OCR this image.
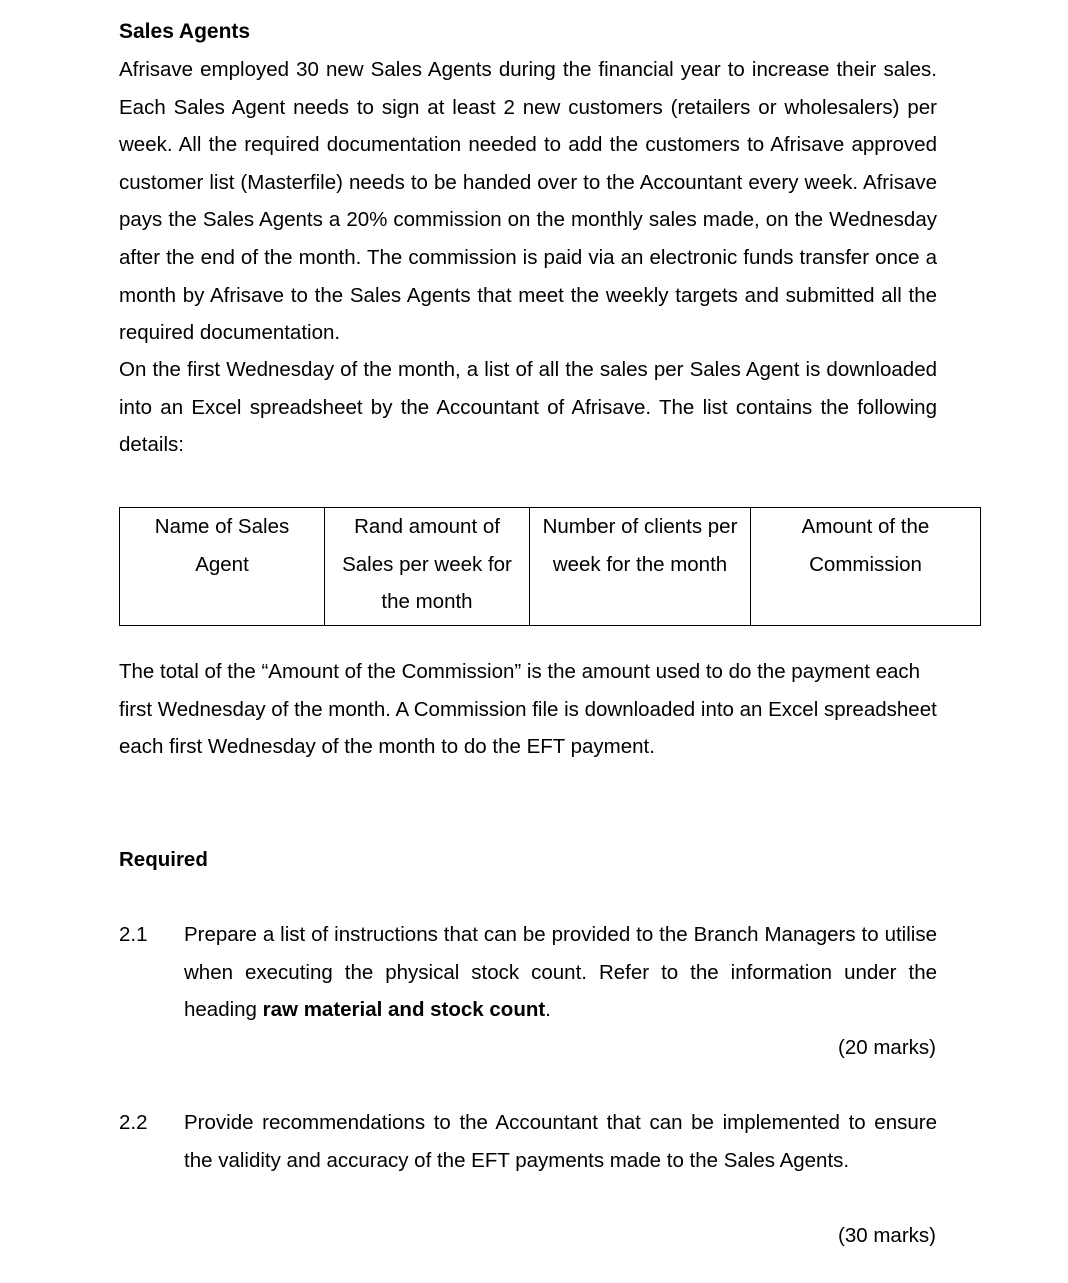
Sales Agents

Afrisave employed 30 new Sales Agents during the financial year to increase their sales. Each Sales Agent needs to sign at least 2 new customers (retailers or wholesalers) per week. All the required documentation needed to add the customers to Afrisave approved customer list (Masterfile) needs to be handed over to the Accountant every week. Afrisave pays the Sales Agents a 20% commission on the monthly sales made, on the Wednesday after the end of the month. The commission is paid via an electronic funds transfer once a month by Afrisave to the Sales Agents that meet the weekly targets and submitted all the required documentation.

On the first Wednesday of the month, a list of all the sales per Sales Agent is downloaded into an Excel spreadsheet by the Accountant of Afrisave. The list contains the following details:

Name of Sales Agent	Rand amount of Sales per week for the month	Number of clients per week for the month	Amount of the Commission

The total of the “Amount of the Commission” is the amount used to do the payment each first Wednesday of the month. A Commission file is downloaded into an Excel spreadsheet each first Wednesday of the month to do the EFT payment.

Required
2.1 Prepare a list of instructions that can be provided to the Branch Managers to utilise when executing the physical stock count. Refer to the information under the heading raw material and stock count.

(20 marks)
2.2 Provide recommendations to the Accountant that can be implemented to ensure the validity and accuracy of the EFT payments made to the Sales Agents.

(30 marks)
